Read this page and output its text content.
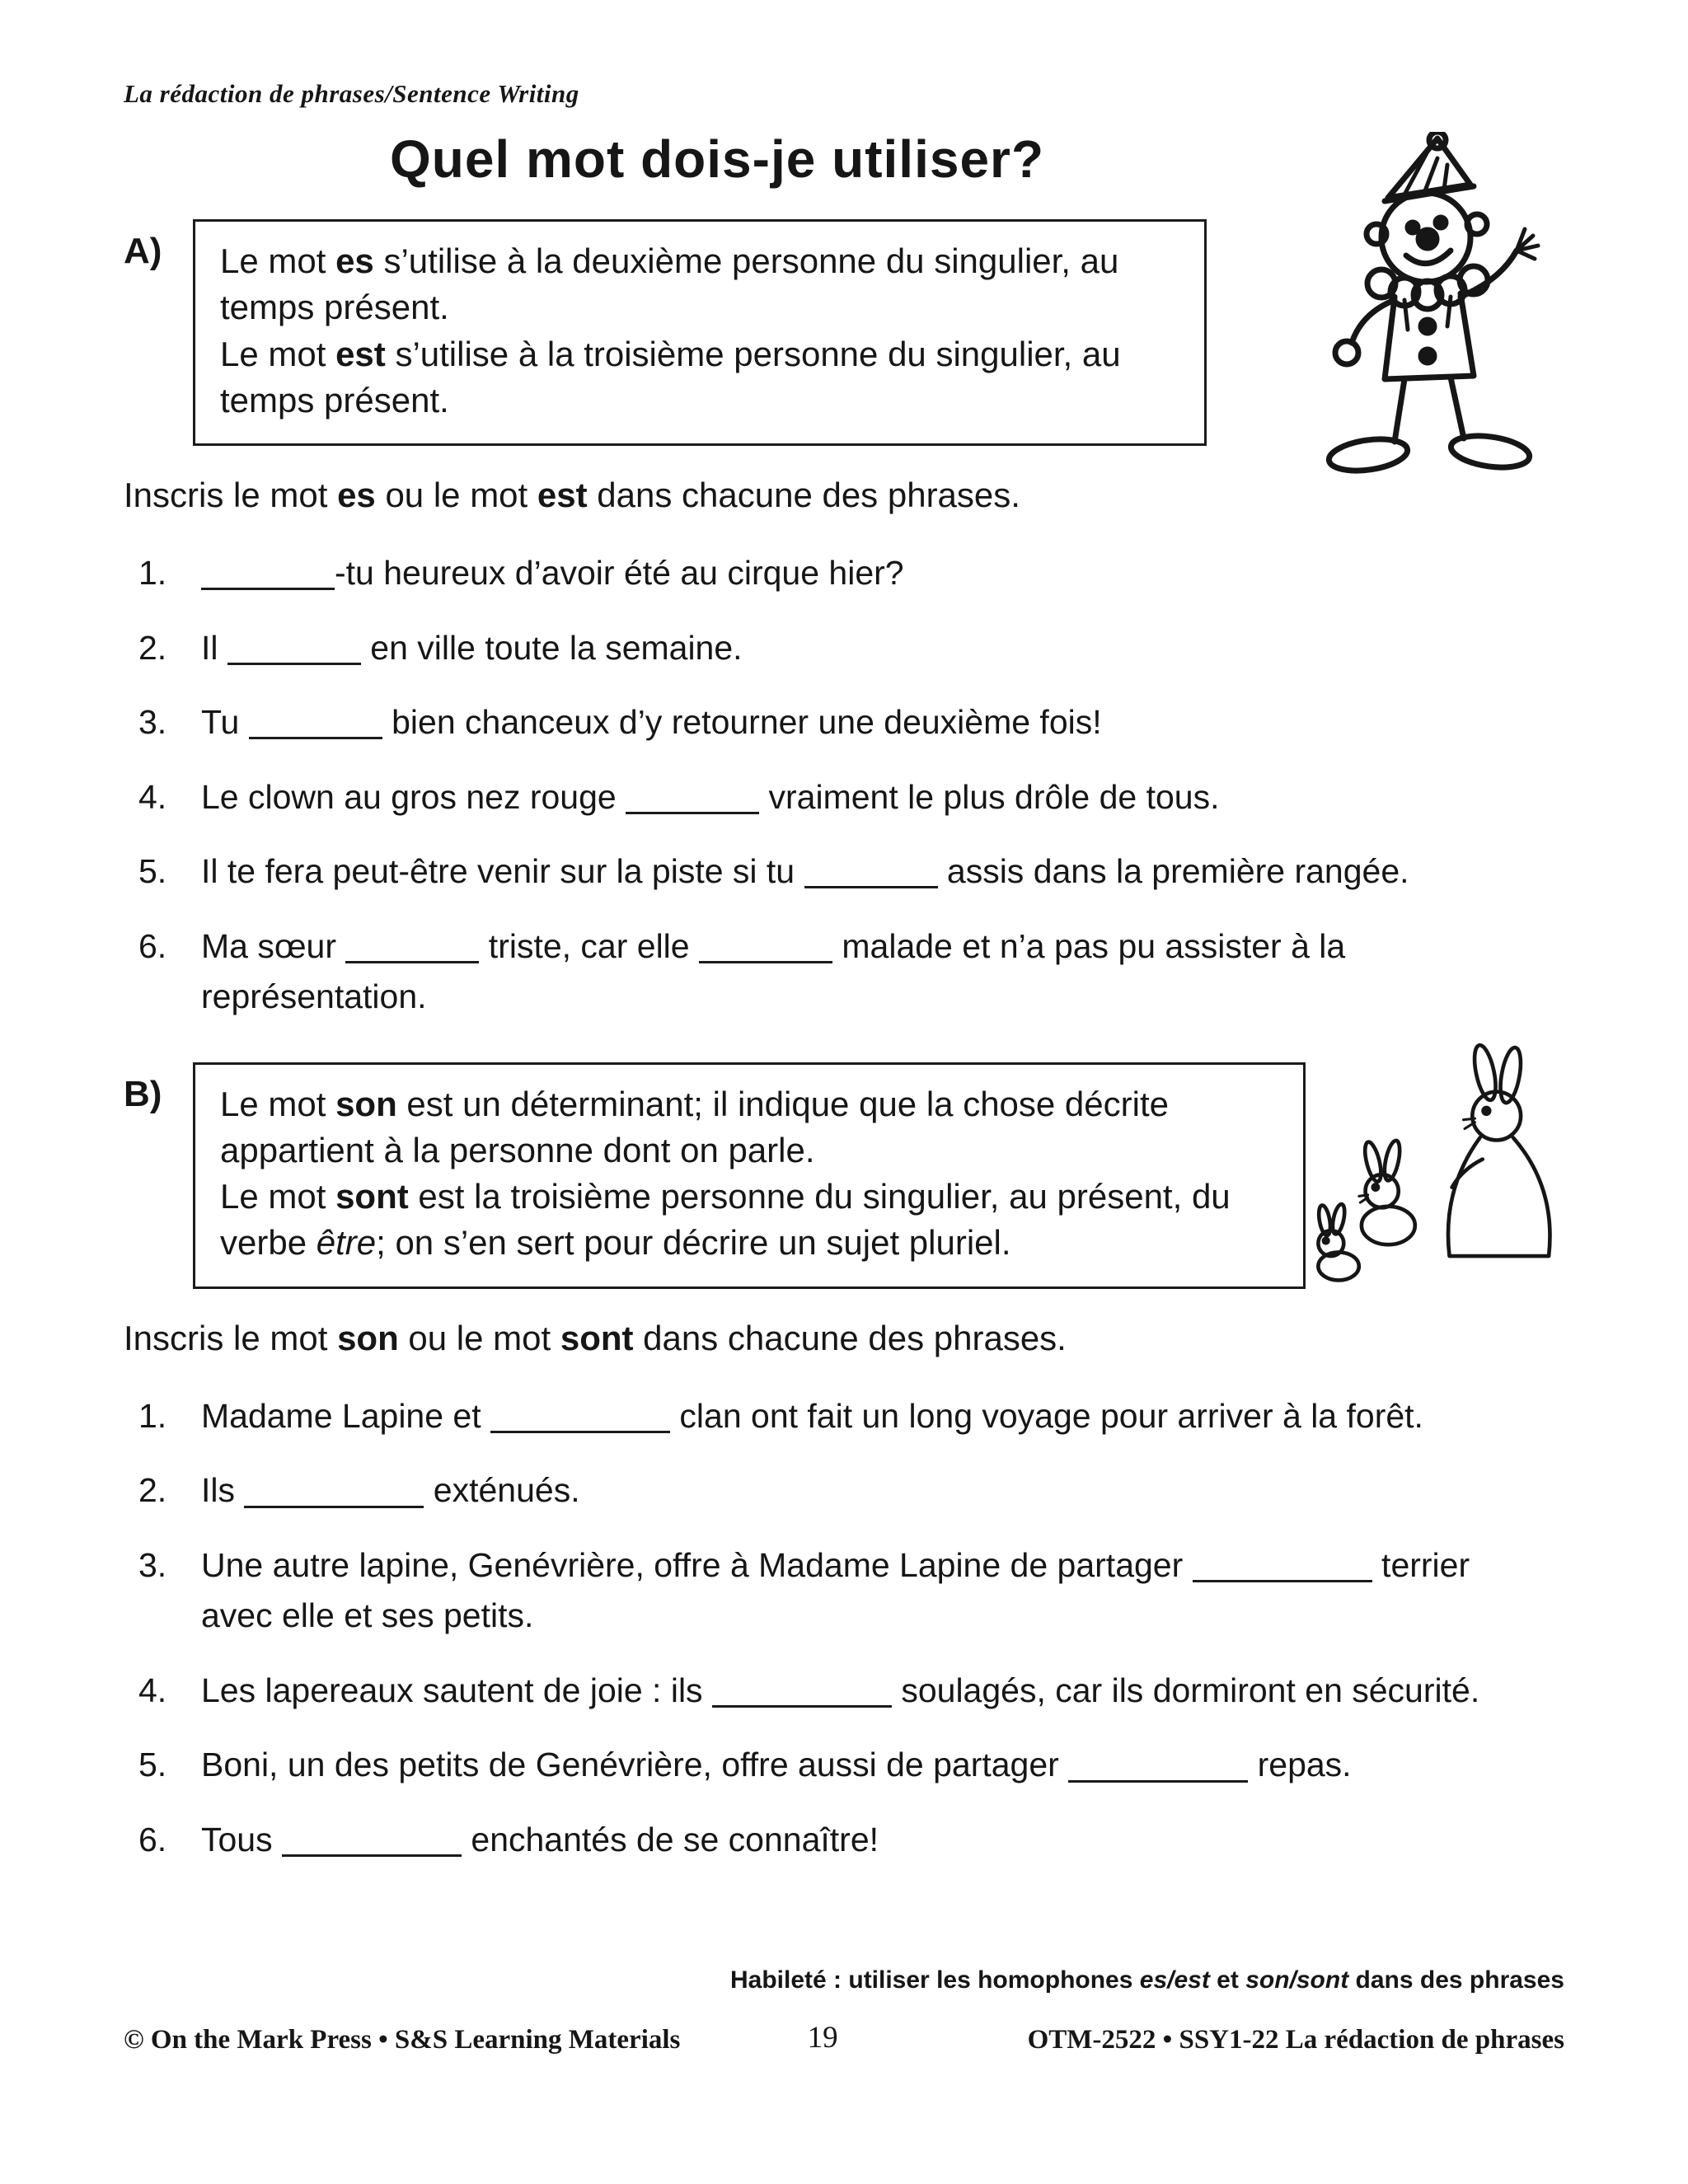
La rédaction de phrases/Sentence Writing
Quel mot dois-je utiliser?
A)	Le mot es s’utilise à la deuxième personne du singulier, au temps présent.
Le mot est s’utilise à la troisième personne du singulier, au temps présent.
Inscris le mot es ou le mot est dans chacune des phrases.
1.	-tu heureux d’avoir été au cirque hier?
2.	Il	en ville toute la semaine.
3.	Tu	bien chanceux d’y retourner une deuxième fois!
4.	Le clown au gros nez rouge	vraiment le plus drôle de tous.
5.	Il te fera peut-être venir sur la piste si tu	assis dans la première rangée.
6.	Ma sœur	triste, car elle	malade et n’a pas pu assister à la représentation.
B)	Le mot son est un déterminant; il indique que la chose décrite appartient à la personne dont on parle.
Le mot sont est la troisième personne du singulier, au présent, du verbe être; on s’en sert pour décrire un sujet pluriel.
Inscris le mot son ou le mot sont dans chacune des phrases.
1.	Madame Lapine et	clan ont fait un long voyage pour arriver à la forêt.
2.	Ils	exténués.
3.	Une autre lapine, Genévrière, offre à Madame Lapine de partager	terrier avec elle et ses petits.
4.	Les lapereaux sautent de joie : ils	soulagés, car ils dormiront en sécurité.
5.	Boni, un des petits de Genévrière, offre aussi de partager	repas.
6.	Tous	enchantés de se connaître!
Habileté : utiliser les homophones es/est et son/sont dans des phrases
© On the Mark Press • S&S Learning Materials	19	OTM-2522 • SSY1-22 La rédaction de phrases
